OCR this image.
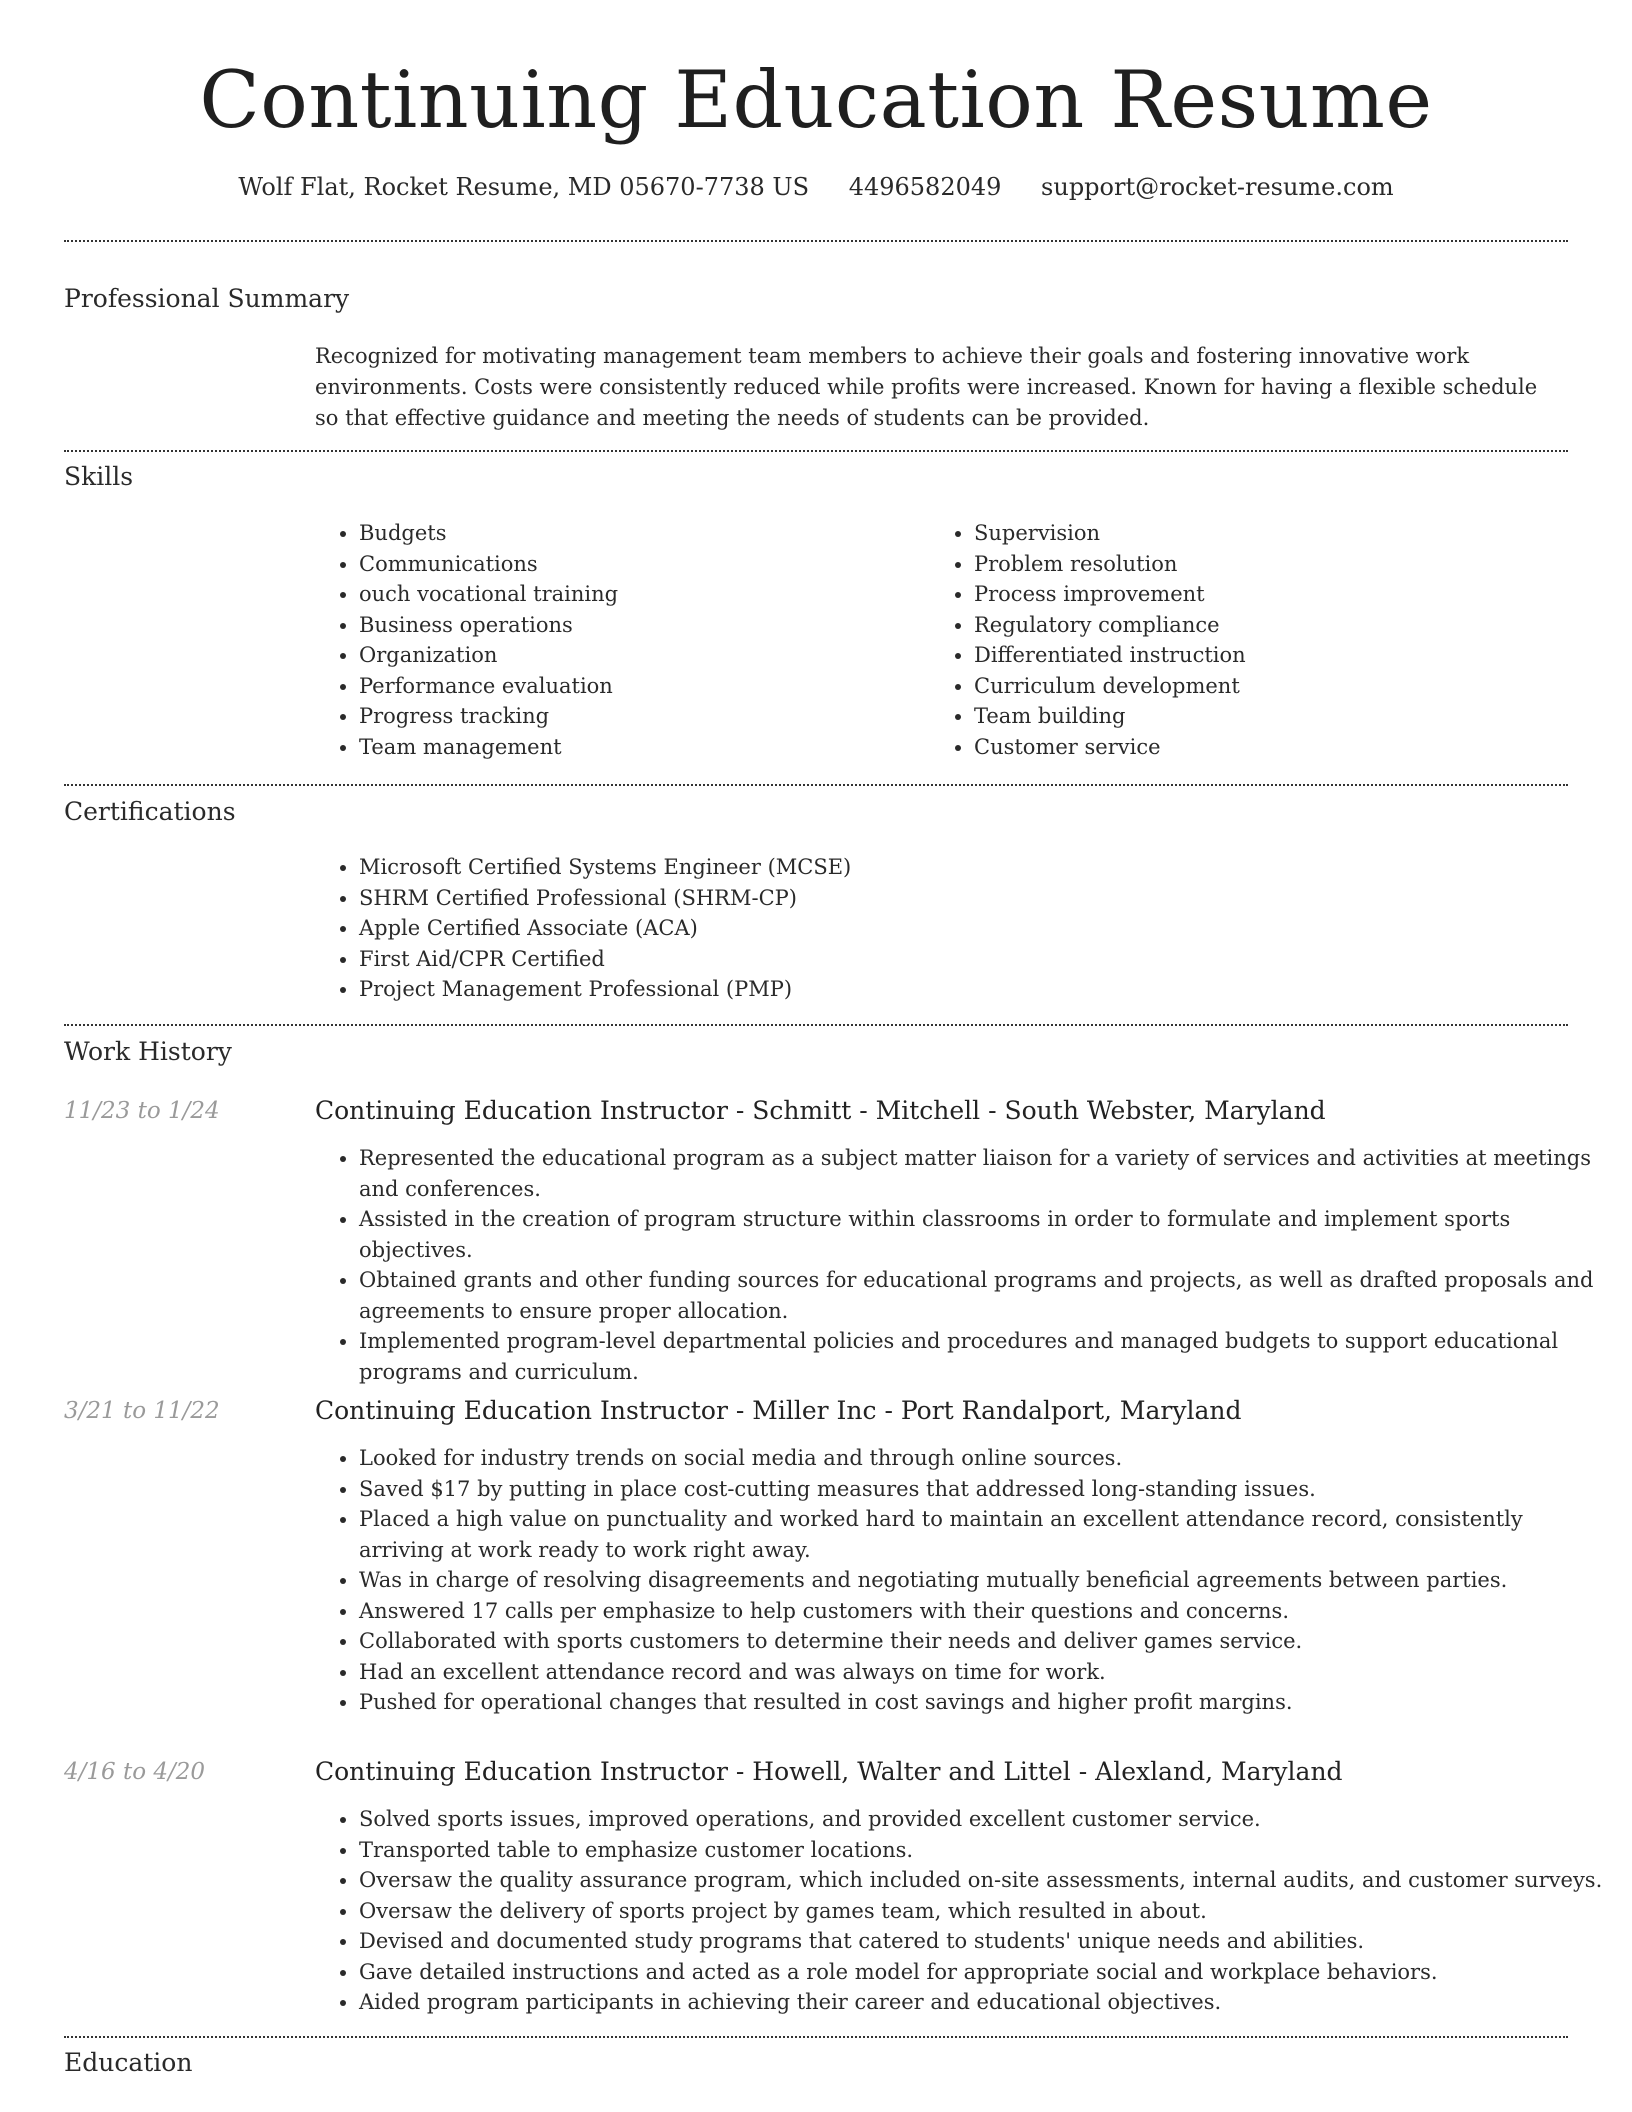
Continuing Education Resume
Wolf Flat, Rocket Resume, MD 05670-7738 US 4496582049 support@rocket-resume.com
Professional Summary

Recognized for motivating management team members to achieve their goals and fostering innovative work environments. Costs were consistently reduced while profits were increased. Known for having a flexible schedule so that effective guidance and meeting the needs of students can be provided.

Skills
• Budgets
• Communications
• ouch vocational training
• Business operations
• Organization
• Performance evaluation
• Progress tracking
• Team management
• Supervision
• Problem resolution
• Process improvement
• Regulatory compliance
• Differentiated instruction
• Curriculum development
• Team building
• Customer service
Certifications
• Microsoft Certified Systems Engineer (MCSE)
• SHRM Certified Professional (SHRM-CP)
• Apple Certified Associate (ACA)
• First Aid/CPR Certified
• Project Management Professional (PMP)
Work History
11/23 to 1/24	Continuing Education Instructor - Schmitt - Mitchell - South Webster, Maryland
• Represented the educational program as a subject matter liaison for a variety of services and activities at meetings and conferences.
• Assisted in the creation of program structure within classrooms in order to formulate and implement sports objectives.
• Obtained grants and other funding sources for educational programs and projects, as well as drafted proposals and agreements to ensure proper allocation.
• Implemented program-level departmental policies and procedures and managed budgets to support educational programs and curriculum.
3/21 to 11/22	Continuing Education Instructor - Miller Inc - Port Randalport, Maryland
• Looked for industry trends on social media and through online sources.
• Saved $17 by putting in place cost-cutting measures that addressed long-standing issues.
• Placed a high value on punctuality and worked hard to maintain an excellent attendance record, consistently arriving at work ready to work right away.
• Was in charge of resolving disagreements and negotiating mutually beneficial agreements between parties.
• Answered 17 calls per emphasize to help customers with their questions and concerns.
• Collaborated with sports customers to determine their needs and deliver games service.
• Had an excellent attendance record and was always on time for work.
• Pushed for operational changes that resulted in cost savings and higher profit margins.
4/16 to 4/20	Continuing Education Instructor - Howell, Walter and Littel - Alexland, Maryland
• Solved sports issues, improved operations, and provided excellent customer service.
• Transported table to emphasize customer locations.
• Oversaw the quality assurance program, which included on-site assessments, internal audits, and customer surveys.
• Oversaw the delivery of sports project by games team, which resulted in about.
• Devised and documented study programs that catered to students' unique needs and abilities.
• Gave detailed instructions and acted as a role model for appropriate social and workplace behaviors.
• Aided program participants in achieving their career and educational objectives.
Education
